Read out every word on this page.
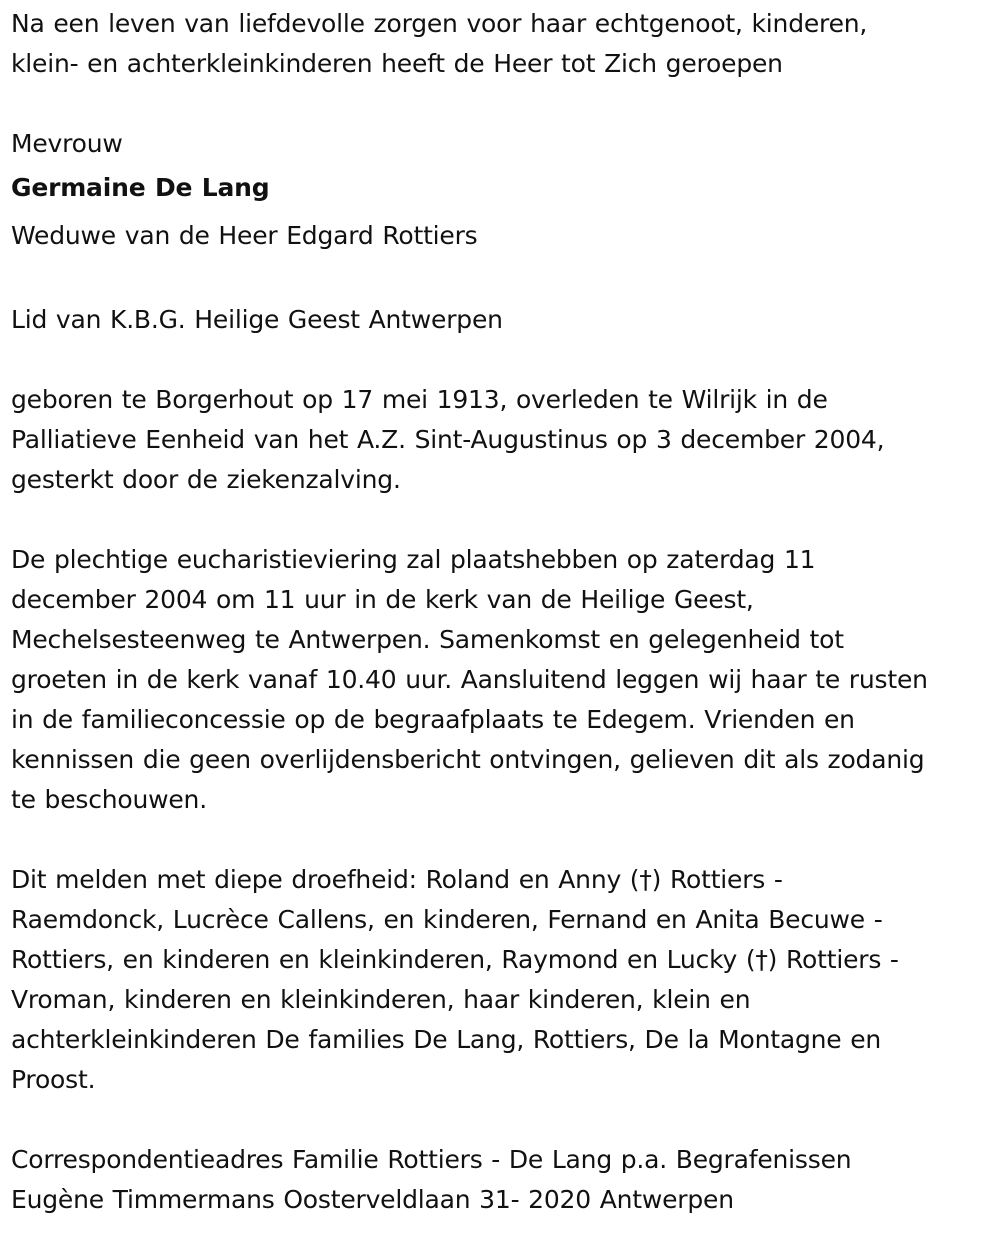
Na een leven van liefdevolle zorgen voor haar echtgenoot, kinderen,
klein- en achterkleinkinderen heeft de Heer tot Zich geroepen

Mevrouw

Germaine De Lang

Weduwe van de Heer Edgard Rottiers

Lid van K.B.G. Heilige Geest Antwerpen

geboren te Borgerhout op 17 mei 1913, overleden te Wilrijk in de
Palliatieve Eenheid van het A.Z. Sint-Augustinus op 3 december 2004,
gesterkt door de ziekenzalving.

De plechtige eucharistieviering zal plaatshebben op zaterdag 11
december 2004 om 11 uur in de kerk van de Heilige Geest,
Mechelsesteenweg te Antwerpen. Samenkomst en gelegenheid tot
groeten in de kerk vanaf 10.40 uur. Aansluitend leggen wij haar te rusten
in de familieconcessie op de begraafplaats te Edegem. Vrienden en
kennissen die geen overlijdensbericht ontvingen, gelieven dit als zodanig
te beschouwen.

Dit melden met diepe droefheid: Roland en Anny (†) Rottiers -
Raemdonck, Lucrèce Callens, en kinderen, Fernand en Anita Becuwe -
Rottiers, en kinderen en kleinkinderen, Raymond en Lucky (†) Rottiers -
Vroman, kinderen en kleinkinderen, haar kinderen, klein en
achterkleinkinderen De families De Lang, Rottiers, De la Montagne en
Proost.

Correspondentieadres Familie Rottiers - De Lang p.a. Begrafenissen
Eugène Timmermans Oosterveldlaan 31- 2020 Antwerpen
